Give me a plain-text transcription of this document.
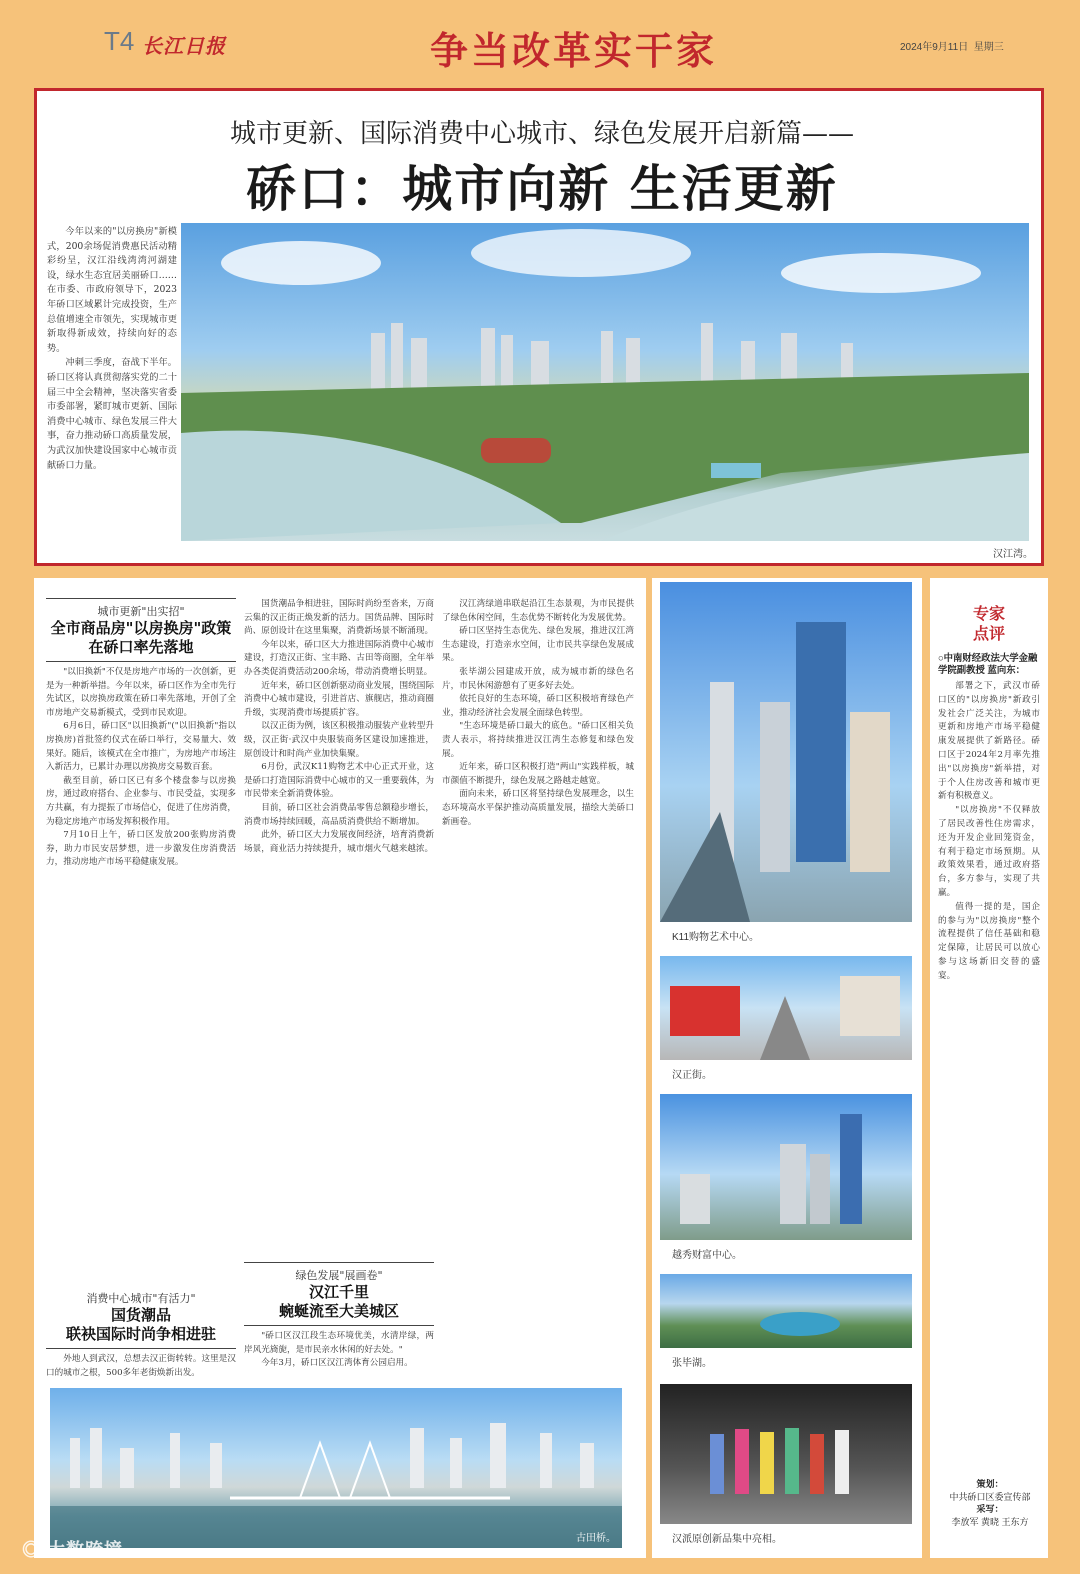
T4 长江日报	争当改革实干家	2024年9月11日 星期三
城市更新、国际消费中心城市、绿色发展开启新篇——
硚口：城市向新 生活更新

今年以来的"以房换房"新模式，200余场促消费惠民活动精彩纷呈，汉江沿线湾湾河湖建设，绿水生态宜居美丽硚口……在市委、市政府领导下，2023年硚口区域累计完成投资，生产总值增速全市领先，实现城市更新取得新成效，持续向好的态势。

冲刺三季度，奋战下半年。硚口区将认真贯彻落实党的二十届三中全会精神，坚决落实省委市委部署，紧盯城市更新、国际消费中心城市、绿色发展三件大事，奋力推动硚口高质量发展，为武汉加快建设国家中心城市贡献硚口力量。

汉江湾。
城市更新"出实招"
全市商品房"以房换房"政策
在硚口率先落地

"以旧换新"不仅是房地产市场的一次创新，更是为一种新举措。今年以来，硚口区作为全市先行先试区，以房换房政策在硚口率先落地，开创了全市房地产交易新模式，受到市民欢迎。

6月6日，硚口区"以旧换新"("以旧换新"指以房换房)首批签约仪式在硚口举行，交易量大、效果好。随后，该模式在全市推广，为房地产市场注入新活力，已累计办理以房换房交易数百套。

截至目前，硚口区已有多个楼盘参与以房换房，通过政府搭台、企业参与、市民受益，实现多方共赢，有力提振了市场信心，促进了住房消费，为稳定房地产市场发挥积极作用。

7月10日上午，硚口区发放200张购房消费券，助力市民安居梦想，进一步激发住房消费活力，推动房地产市场平稳健康发展。

消费中心城市"有活力"
国货潮品
联袂国际时尚争相进驻

外地人到武汉，总想去汉正街转转。这里是汉口的城市之根，500多年老街焕新出发。

国货潮品争相进驻，国际时尚纷至沓来，万商云集的汉正街正焕发新的活力。国货品牌、国际时尚、原创设计在这里集聚，消费新场景不断涌现。

今年以来，硚口区大力推进国际消费中心城市建设，打造汉正街、宝丰路、古田等商圈，全年举办各类促消费活动200余场，带动消费增长明显。

近年来，硚口区创新驱动商业发展，围绕国际消费中心城市建设，引进首店、旗舰店，推动商圈升级，实现消费市场提质扩容。

以汉正街为例，该区积极推动服装产业转型升级，汉正街·武汉中央服装商务区建设加速推进，原创设计和时尚产业加快集聚。

6月份，武汉K11购物艺术中心正式开业，这是硚口打造国际消费中心城市的又一重要载体，为市民带来全新消费体验。

目前，硚口区社会消费品零售总额稳步增长，消费市场持续回暖，高品质消费供给不断增加。

此外，硚口区大力发展夜间经济，培育消费新场景，商业活力持续提升，城市烟火气越来越浓。

绿色发展"展画卷"
汉江千里
蜿蜒流至大美城区

"硚口区汉江段生态环境优美，水清岸绿，两岸风光旖旎，是市民亲水休闲的好去处。"

今年3月，硚口区汉江湾体育公园启用。

汉江湾绿道串联起沿江生态景观，为市民提供了绿色休闲空间，生态优势不断转化为发展优势。

硚口区坚持生态优先、绿色发展，推进汉江湾生态建设，打造亲水空间，让市民共享绿色发展成果。

张毕湖公园建成开放，成为城市新的绿色名片，市民休闲游憩有了更多好去处。

依托良好的生态环境，硚口区积极培育绿色产业，推动经济社会发展全面绿色转型。

"生态环境是硚口最大的底色。"硚口区相关负责人表示，将持续推进汉江湾生态修复和绿色发展。

近年来，硚口区积极打造"两山"实践样板，城市颜值不断提升，绿色发展之路越走越宽。

面向未来，硚口区将坚持绿色发展理念，以生态环境高水平保护推动高质量发展，描绘大美硚口新画卷。

古田桥。
K11购物艺术中心。
汉正街。
越秀财富中心。
张毕湖。
汉派原创新品集中亮相。
专家
点评
○中南财经政法大学金融学院副教授 蓝向东：

部署之下，武汉市硚口区的"以房换房"新政引发社会广泛关注，为城市更新和房地产市场平稳健康发展提供了新路径。硚口区于2024年2月率先推出"以房换房"新举措，对于个人住房改善和城市更新有积极意义。

"以房换房"不仅释放了居民改善性住房需求，还为开发企业回笼资金，有利于稳定市场预期。从政策效果看，通过政府搭台，多方参与，实现了共赢。

值得一提的是，国企的参与为"以房换房"整个流程提供了信任基础和稳定保障，让居民可以放心参与这场新旧交替的盛宴。

策划：
中共硚口区委宣传部
采写：
李放军 黄晓 王东方
◎ 大数跨境
